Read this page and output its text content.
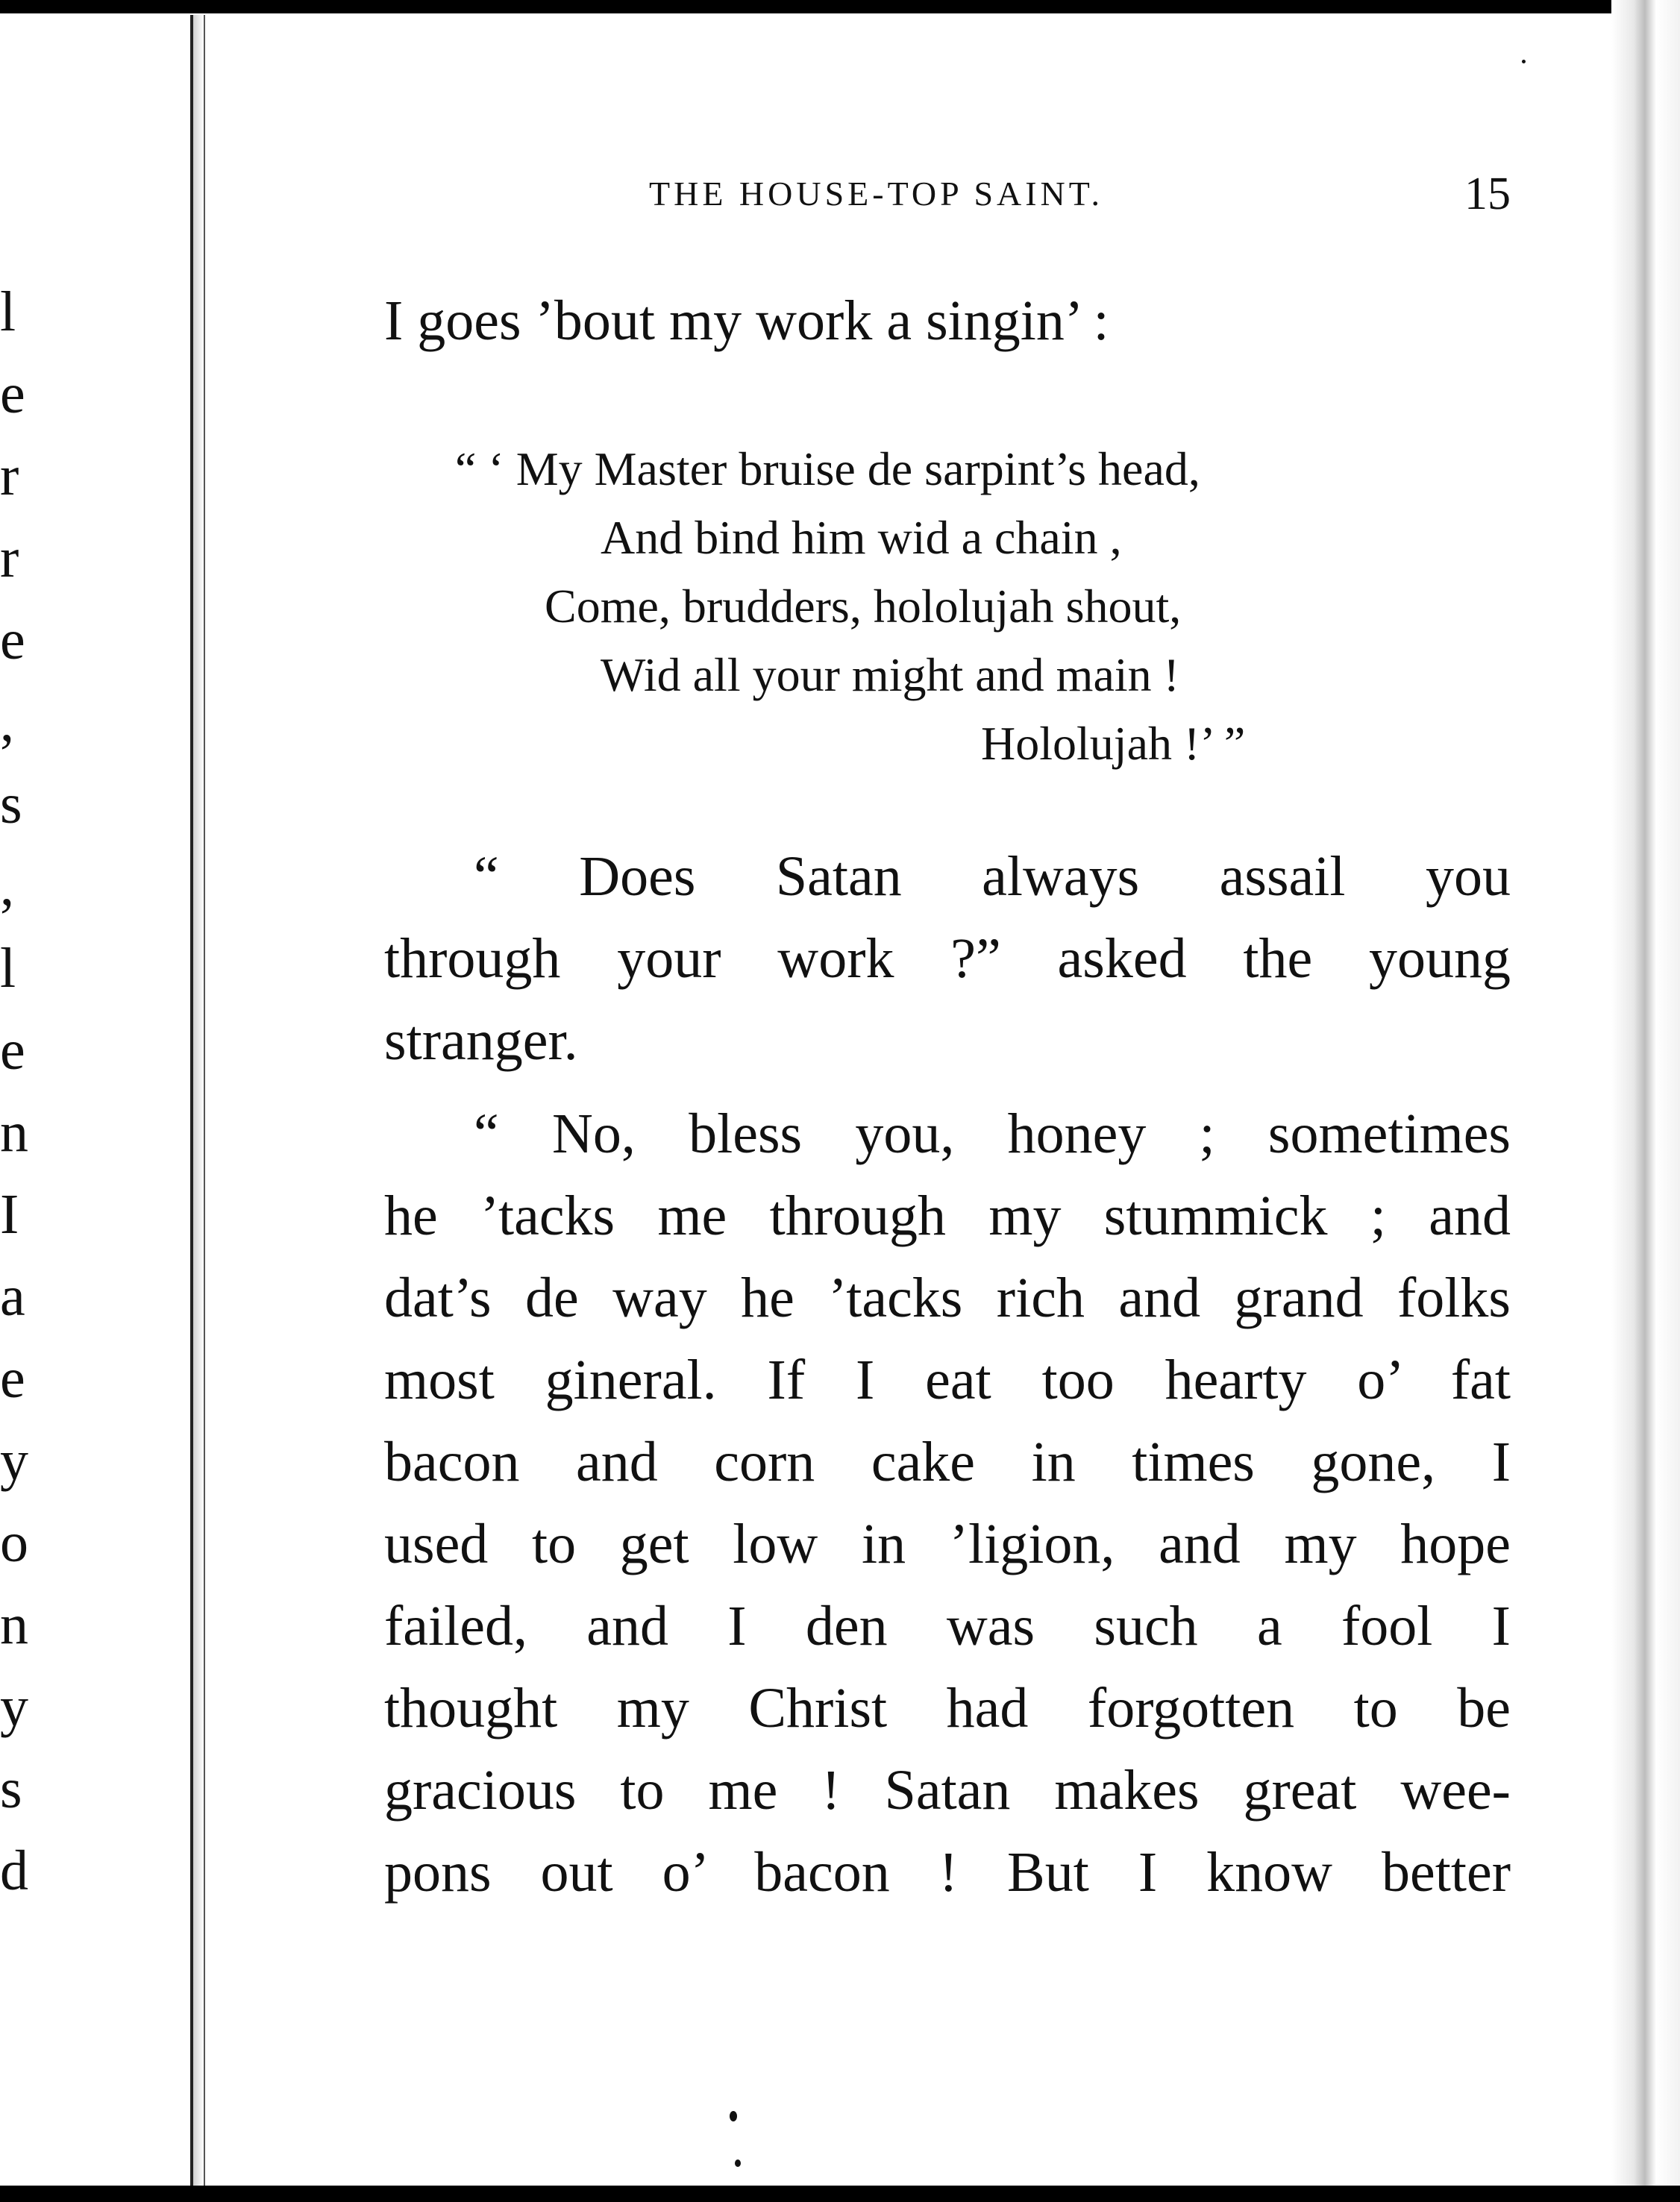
l
e
r
r
e
,
s
,
l
e
n
I
a
e
y
o
n
y
s
d
THE HOUSE-TOP SAINT.	15
I goes ’bout my work a singin’ :
“ ‘ My Master bruise de sarpint’s head,
And bind him wid a chain ,
Come, brudders, hololujah shout,
Wid all your might and main !
Hololujah !’ ”
“ Does Satan always assail you
through your work ?” asked the young
stranger.
“ No, bless you, honey ; sometimes
he ’tacks me through my stummick ; and
dat’s de way he ’tacks rich and grand folks
most gineral. If I eat too hearty o’ fat
bacon and corn cake in times gone, I
used to get low in ’ligion, and my hope
failed, and I den was such a fool I
thought my Christ had forgotten to be
gracious to me ! Satan makes great wee-
pons out o’ bacon ! But I know better
